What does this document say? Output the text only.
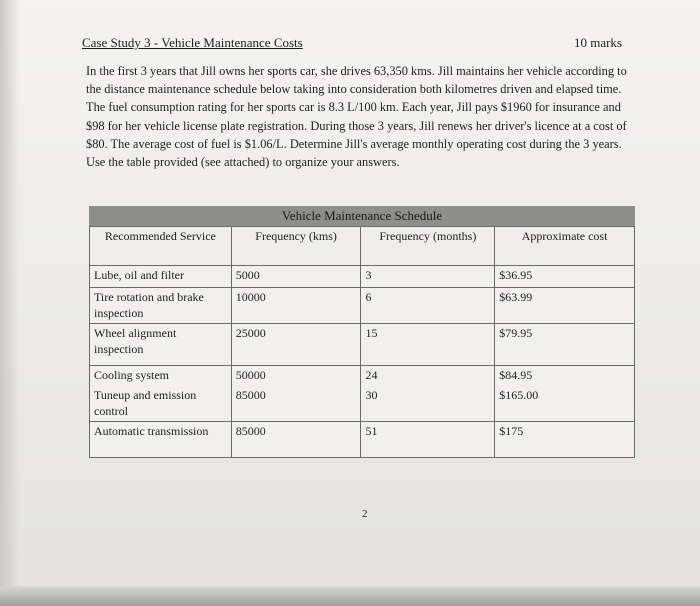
Case Study 3 - Vehicle Maintenance Costs	10 marks

In the first 3 years that Jill owns her sports car, she drives 63,350 kms. Jill maintains her vehicle according to the distance maintenance schedule below taking into consideration both kilometres driven and elapsed time. The fuel consumption rating for her sports car is 8.3 L/100 km. Each year, Jill pays $1960 for insurance and $98 for her vehicle license plate registration. During those 3 years, Jill renews her driver's licence at a cost of $80. The average cost of fuel is $1.06/L. Determine Jill's average monthly operating cost during the 3 years. Use the table provided (see attached) to organize your answers.

Vehicle Maintenance Schedule
Recommended Service	Frequency (kms)	Frequency (months)	Approximate cost
Lube, oil and filter	5000	3	$36.95
Tire rotation and brake inspection	10000	6	$63.99
Wheel alignment inspection	25000	15	$79.95
Cooling system	50000	24	$84.95
Tuneup and emission control	85000	30	$165.00
Automatic transmission	85000	51	$175
2
